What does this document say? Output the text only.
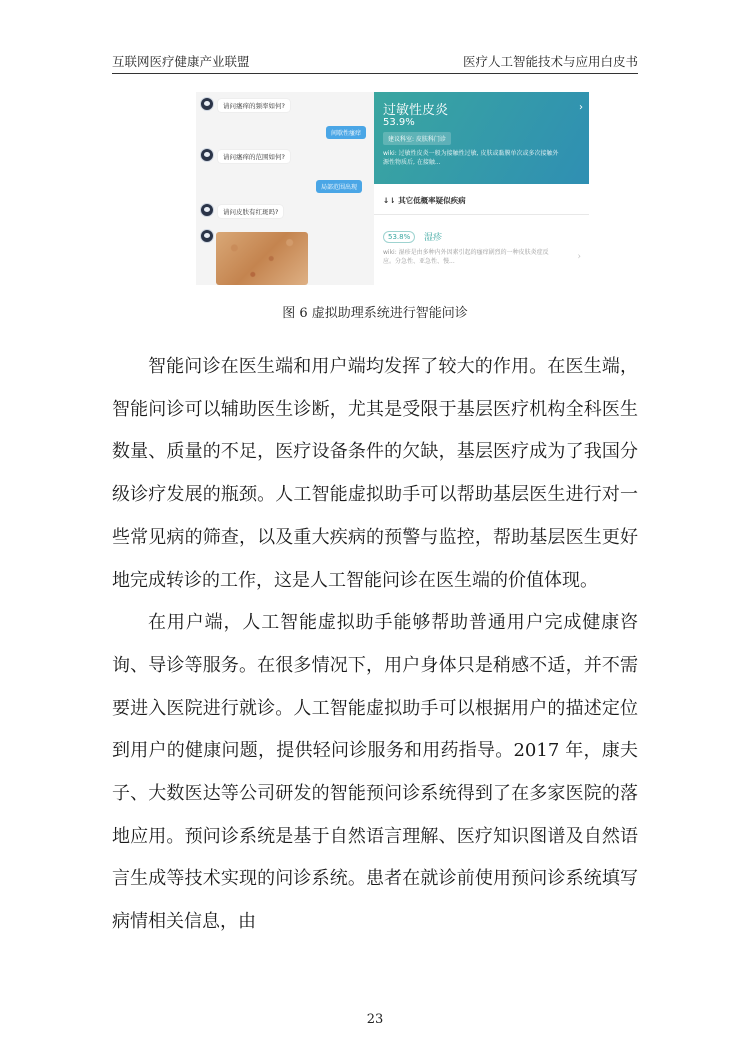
互联网医疗健康产业联盟	医疗人工智能技术与应用白皮书
请问瘙痒的频率如何?
间歇性瘙痒
请问瘙痒的范围如何?
局部范围出现
请问皮肤有红斑吗?
过敏性皮炎
53.9%
建议科室: 皮肤科门诊
wiki: 过敏性皮炎一般为接触性过敏, 皮肤或黏膜单次或多次接触外源性物质后, 在接触...
›
↓⇂ 其它低概率疑似疾病
53.8%	湿疹
wiki: 湿疹是由多种内外因素引起的瘙痒剧烈的一种皮肤炎症反应。分急性、亚急性、慢...	›
图 6 虚拟助理系统进行智能问诊

智能问诊在医生端和用户端均发挥了较大的作用。在医生端，智能问诊可以辅助医生诊断，尤其是受限于基层医疗机构全科医生数量、质量的不足，医疗设备条件的欠缺，基层医疗成为了我国分级诊疗发展的瓶颈。人工智能虚拟助手可以帮助基层医生进行对一些常见病的筛查，以及重大疾病的预警与监控，帮助基层医生更好地完成转诊的工作，这是人工智能问诊在医生端的价值体现。

在用户端，人工智能虚拟助手能够帮助普通用户完成健康咨询、导诊等服务。在很多情况下，用户身体只是稍感不适，并不需要进入医院进行就诊。人工智能虚拟助手可以根据用户的描述定位到用户的健康问题，提供轻问诊服务和用药指导。2017 年，康夫子、大数医达等公司研发的智能预问诊系统得到了在多家医院的落地应用。预问诊系统是基于自然语言理解、医疗知识图谱及自然语言生成等技术实现的问诊系统。患者在就诊前使用预问诊系统填写病情相关信息，由

23
